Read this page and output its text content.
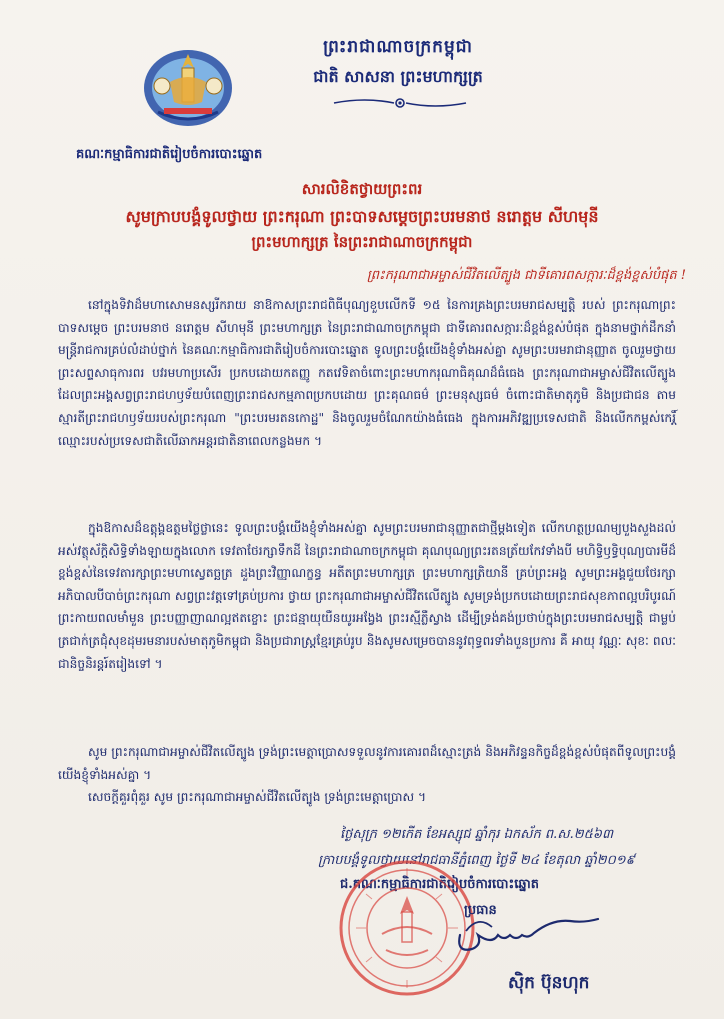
ព្រះរាជាណាចក្រកម្ពុជា
ជាតិ សាសនា ព្រះមហាក្សត្រ
គណៈកម្មាធិការជាតិរៀបចំការបោះឆ្នោត
សារលិខិតថ្វាយព្រះពរ
សូមក្រាបបង្គំទូលថ្វាយ ព្រះករុណា ព្រះបាទសម្តេចព្រះបរមនាថ នរោត្តម សីហមុនី
ព្រះមហាក្សត្រ នៃព្រះរាជាណាចក្រកម្ពុជា
ព្រះករុណាជាអម្ចាស់ជីវិតលើត្បូង ជាទីគោរពសក្ការៈដ៏ខ្ពង់ខ្ពស់បំផុត !
នៅក្នុងទិវាដ៏មហាសោមនស្សរីករាយ នាឱកាសព្រះរាជពិធីបុណ្យខួបលើកទី ១៥ នៃការគ្រងព្រះបរមរាជសម្បត្តិ របស់ ព្រះករុណាព្រះបាទសម្តេច ព្រះបរមនាថ នរោត្តម សីហមុនី ព្រះមហាក្សត្រ នៃព្រះរាជាណាចក្រកម្ពុជា ជាទីគោរពសក្ការៈដ៏ខ្ពង់ខ្ពស់បំផុត ក្នុងនាមថ្នាក់ដឹកនាំ មន្ត្រីរាជការគ្រប់លំដាប់ថ្នាក់ នៃគណៈកម្មាធិការជាតិរៀបចំការបោះឆ្នោត ទូលព្រះបង្គំយើងខ្ញុំទាំងអស់គ្នា សូមព្រះបរមរាជានុញ្ញាត ចូលរួមថ្វាយព្រះសព្ទសាធុការពរ បវរមហាប្រសើរ ប្រកបដោយកតញ្ញូ កតវេទិតាចំពោះព្រះមហាករុណាធិគុណដ៏ធំធេង ព្រះករុណាជាអម្ចាស់ជីវិតលើត្បូង ដែលព្រះអង្គសព្វព្រះរាជហឫទ័យបំពេញព្រះរាជសកម្មភាពប្រកបដោយ ព្រះគុណធម៌ ព្រះមនុស្សធម៌ ចំពោះជាតិមាតុភូមិ និងប្រជាជន តាមស្មារតីព្រះរាជហឫទ័យរបស់ព្រះករុណា "ព្រះបរមរតនកោដ្ឋ" និងចូលរួមចំណែកយ៉ាងធំធេង ក្នុងការអភិវឌ្ឍប្រទេសជាតិ និងលើកកម្ពស់កេរ្តិ៍ឈ្មោះរបស់ប្រទេសជាតិលើឆាកអន្តរជាតិនាពេលកន្លងមក ។
ក្នុងឱកាសដ៏ឧត្តុង្គឧត្តមថ្លៃថ្លានេះ ទូលព្រះបង្គំយើងខ្ញុំទាំងអស់គ្នា សូមព្រះបរមរាជានុញ្ញាតជាថ្មីម្តងទៀត លើកហត្ថប្រណម្យបួងសួងដល់អស់វត្ថុស័ក្តិសិទ្ធិទាំងឡាយក្នុងលោក ទេវតាថែរក្សាទឹកដី នៃព្រះរាជាណាចក្រកម្ពុជា គុណបុណ្យព្រះរតនត្រ័យកែវទាំងបី មហិទ្ធិឫទ្ធិបុណ្យបារមីដ៏ខ្ពង់ខ្ពស់នៃទេវតារក្សាព្រះមហាស្វេតច្ឆត្រ ដួងព្រះវិញ្ញាណក្ខន្ធ អតីតព្រះមហាក្សត្រ ព្រះមហាក្សត្រិយានី គ្រប់ព្រះអង្គ សូមព្រះអង្គជួយថែរក្សាអភិបាលបីបាច់ព្រះករុណា សព្វព្រះវត្តទៅគ្រប់ប្រការ ថ្វាយ ព្រះករុណាជាអម្ចាស់ជីវិតលើត្បូង សូមទ្រង់ប្រកបដោយព្រះរាជសុខភាពល្អបរិបូរណ៍ ព្រះកាយពលមាំមួន ព្រះបញ្ញាញាណល្អឥតខ្ចោះ ព្រះជន្មាយុយឺនយូរអង្វែង ព្រះរស្មីភ្លឺស្វាង ដើម្បីទ្រង់គង់ប្រថាប់ក្នុងព្រះបរមរាជសម្បត្តិ ជាម្លប់ត្រជាក់ត្រជុំសុខដុមរមនារបស់មាតុភូមិកម្ពុជា និងប្រជារាស្ត្រខ្មែរគ្រប់រូប និងសូមសម្រេចបាននូវពុទ្ធពរទាំងបួនប្រការ គឺ អាយុ វណ្ណៈ សុខៈ ពលៈ ជានិច្ចនិរន្តរ៍តរៀងទៅ ។
សូម ព្រះករុណាជាអម្ចាស់ជីវិតលើត្បូង ទ្រង់ព្រះមេត្តាប្រោសទទួលនូវការគោរពដ៏ស្មោះត្រង់ និងអភិវន្ទនកិច្ចដ៏ខ្ពង់ខ្ពស់បំផុតពីទូលព្រះបង្គំយើងខ្ញុំទាំងអស់គ្នា ។
សេចក្តីគួរពុំគួរ សូម ព្រះករុណាជាអម្ចាស់ជីវិតលើត្បូង ទ្រង់ព្រះមេត្តាប្រោស ។
ថ្ងៃសុក្រ ១២កើត ខែអស្សុជ ឆ្នាំកុរ ឯកស័ក ព.ស.២៥៦៣
ក្រាបបង្គំទូលថ្វាយនៅរាជធានីភ្នំពេញ ថ្ងៃទី ២៤ ខែតុលា ឆ្នាំ២០១៩
ជ.គណៈកម្មាធិការជាតិរៀបចំការបោះឆ្នោត
ប្រធាន
ស៊ិក ប៊ុនហុក
